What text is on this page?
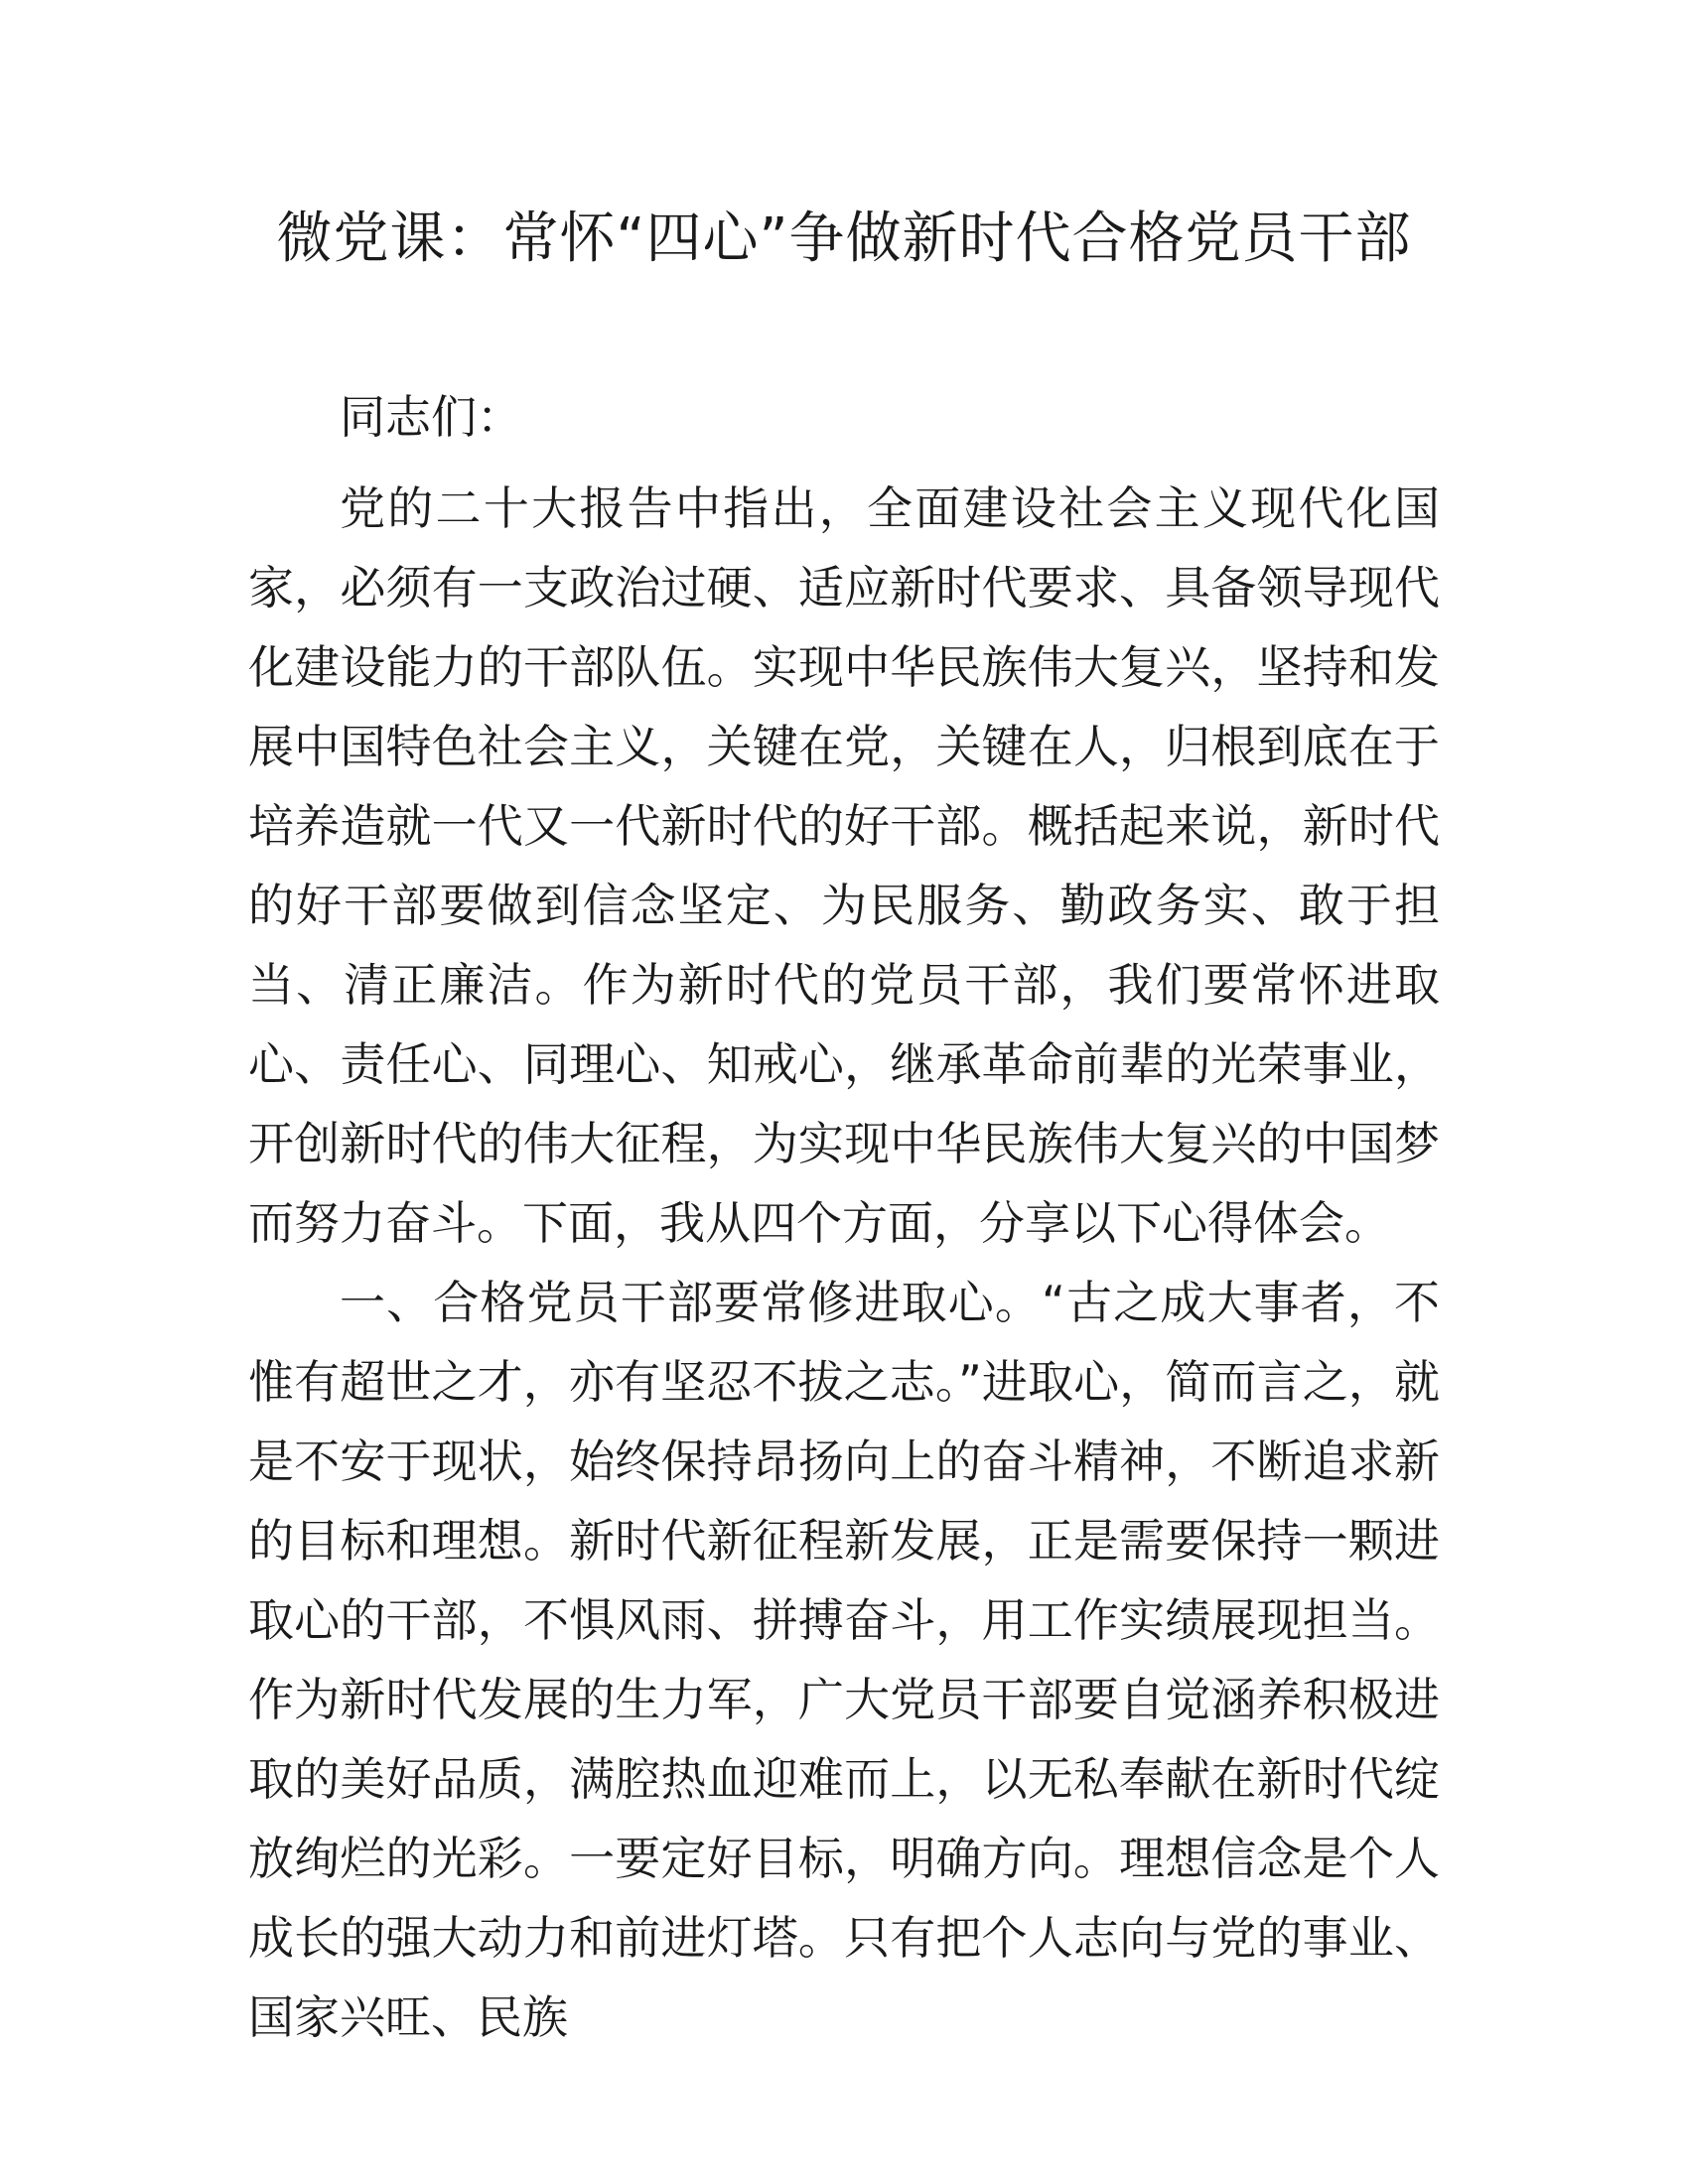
微党课：常怀“四心”争做新时代合格党员干部

同志们：

党的二十大报告中指出，全面建设社会主义现代化国家，必须有一支政治过硬、适应新时代要求、具备领导现代化建设能力的干部队伍。实现中华民族伟大复兴，坚持和发展中国特色社会主义，关键在党，关键在人，归根到底在于培养造就一代又一代新时代的好干部。概括起来说，新时代的好干部要做到信念坚定、为民服务、勤政务实、敢于担当、清正廉洁。作为新时代的党员干部，我们要常怀进取心、责任心、同理心、知戒心，继承革命前辈的光荣事业，开创新时代的伟大征程，为实现中华民族伟大复兴的中国梦而努力奋斗。下面，我从四个方面，分享以下心得体会。

一、合格党员干部要常修进取心。“古之成大事者，不惟有超世之才，亦有坚忍不拔之志。”进取心，简而言之，就是不安于现状，始终保持昂扬向上的奋斗精神，不断追求新的目标和理想。新时代新征程新发展，正是需要保持一颗进取心的干部，不惧风雨、拼搏奋斗，用工作实绩展现担当。作为新时代发展的生力军，广大党员干部要自觉涵养积极进取的美好品质，满腔热血迎难而上，以无私奉献在新时代绽放绚烂的光彩。一要定好目标，明确方向。理想信念是个人成长的强大动力和前进灯塔。只有把个人志向与党的事业、国家兴旺、民族
